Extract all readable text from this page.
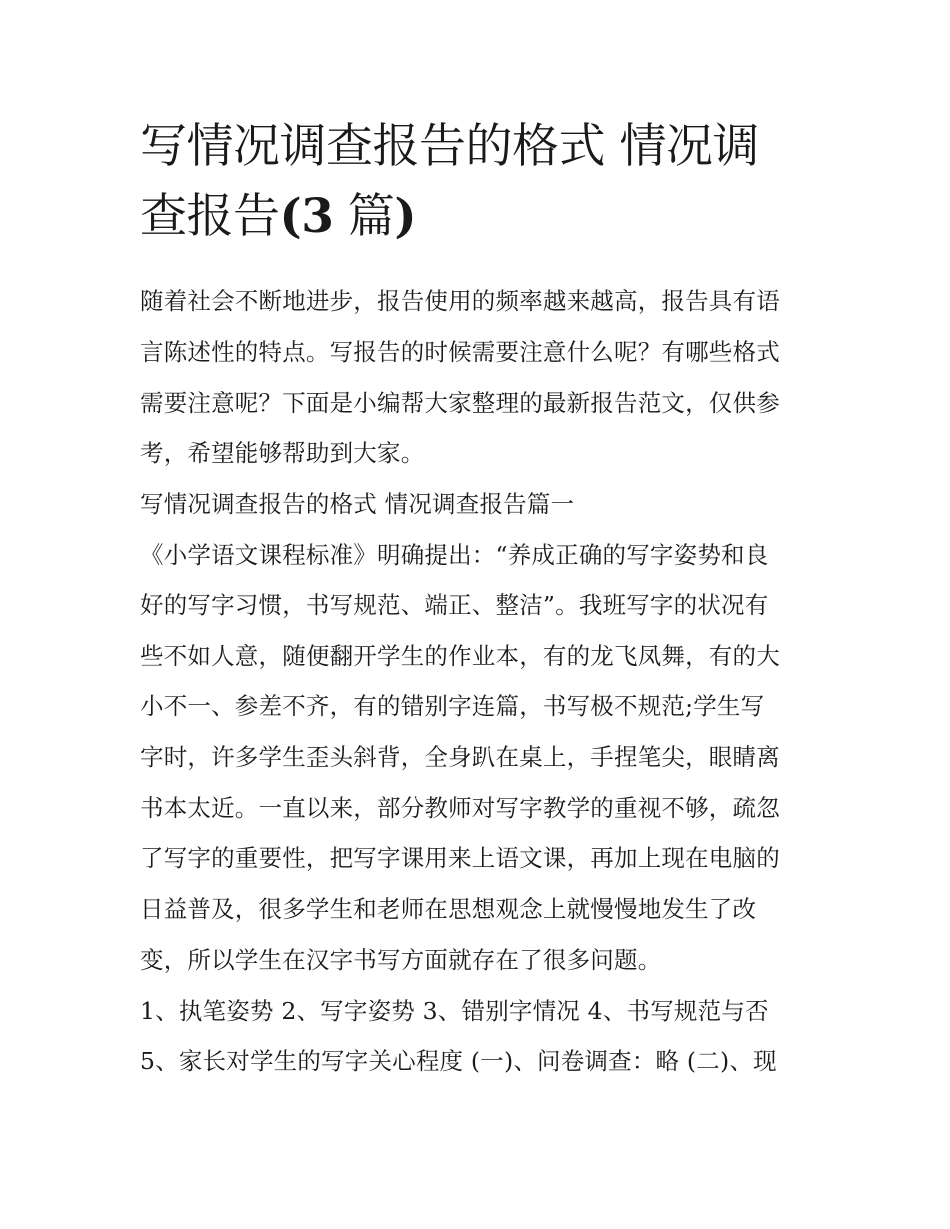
写情况调查报告的格式 情况调
查报告(3 篇)

随着社会不断地进步，报告使用的频率越来越高，报告具有语

言陈述性的特点。写报告的时候需要注意什么呢？有哪些格式

需要注意呢？下面是小编帮大家整理的最新报告范文，仅供参

考，希望能够帮助到大家。

写情况调查报告的格式 情况调查报告篇一

《小学语文课程标准》明确提出：“养成正确的写字姿势和良

好的写字习惯，书写规范、端正、整洁”。我班写字的状况有

些不如人意，随便翻开学生的作业本，有的龙飞凤舞，有的大

小不一、参差不齐，有的错别字连篇，书写极不规范;学生写

字时，许多学生歪头斜背，全身趴在桌上，手捏笔尖，眼睛离

书本太近。一直以来，部分教师对写字教学的重视不够，疏忽

了写字的重要性，把写字课用来上语文课，再加上现在电脑的

日益普及，很多学生和老师在思想观念上就慢慢地发生了改

变，所以学生在汉字书写方面就存在了很多问题。

1、执笔姿势 2、写字姿势 3、错别字情况 4、书写规范与否

5、家长对学生的写字关心程度 (一)、问卷调查：略 (二)、现
